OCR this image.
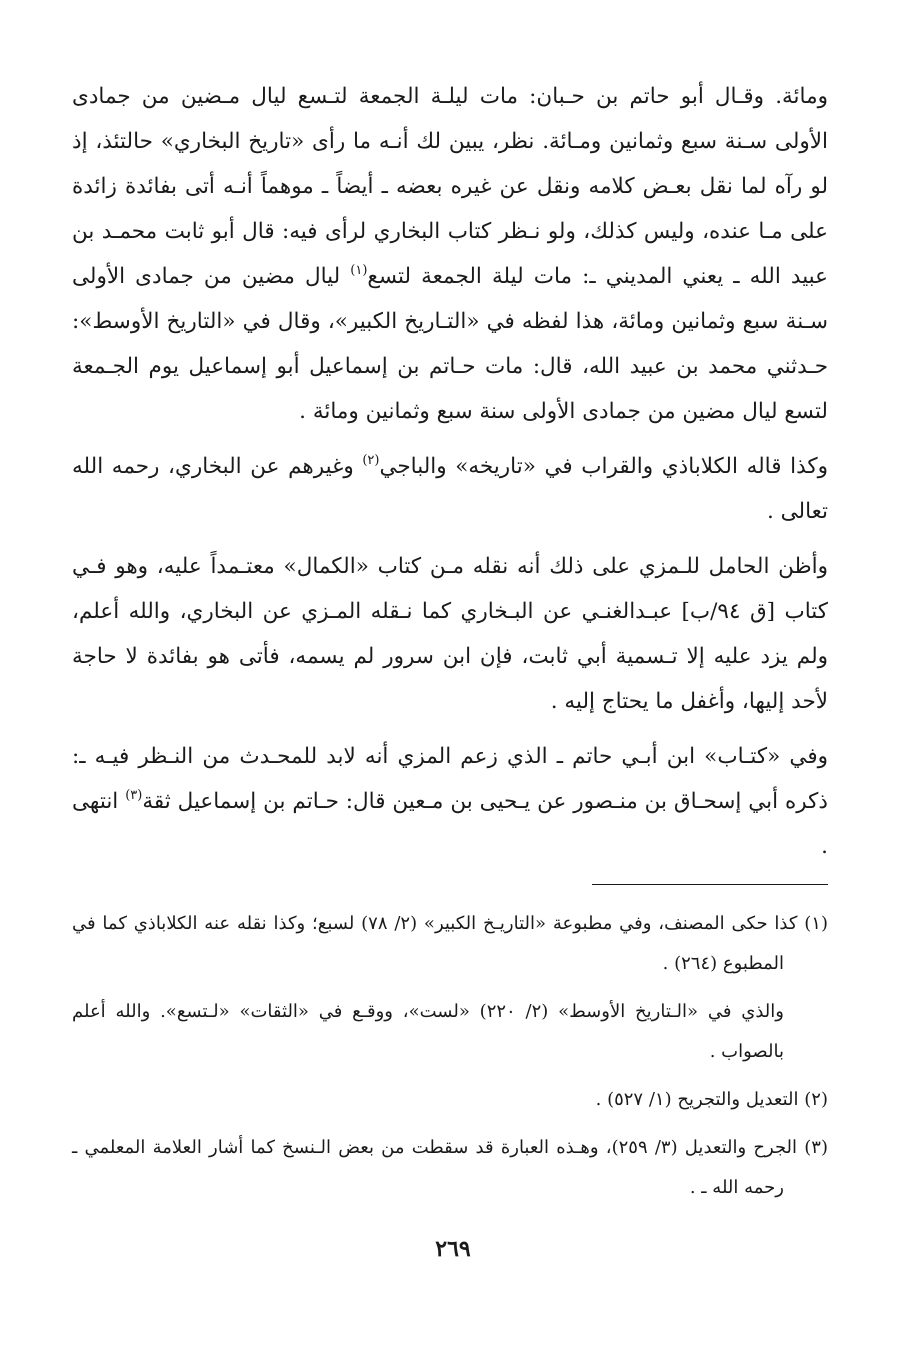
ومائة. وقـال أبو حاتم بن حـبان: مات ليلـة الجمعة لتـسع ليال مـضين من جمادى الأولى سـنة سبع وثمانين ومـائة. نظر، يبين لك أنـه ما رأى «تاريخ البخاري» حالتئذ، إذ لو رآه لما نقل بعـض كلامه ونقل عن غيره بعضه ـ أيضاً ـ موهماً أنـه أتى بفائدة زائدة على مـا عنده، وليس كذلك، ولو نـظر كتاب البخاري لرأى فيه: قال أبو ثابت محمـد بن عبيد الله ـ يعني المديني ـ: مات ليلة الجمعة لتسع$^{(١)}$ ليال مضين من جمادى الأولى سـنة سبع وثمانين ومائة، هذا لفظه في «التـاريخ الكبير»، وقال في «التاريخ الأوسط»: حـدثني محمد بن عبيد الله، قال: مات حـاتم بن إسماعيل أبو إسماعيل يوم الجـمعة لتسع ليال مضين من جمادى الأولى سنة سبع وثمانين ومائة .

وكذا قاله الكلاباذي والقراب في «تاريخه» والباجي$^{(٢)}$ وغيرهم عن البخاري، رحمه الله تعالى .

وأظن الحامل للـمزي على ذلك أنه نقله مـن كتاب «الكمال» معتـمداً عليه، وهو فـي كتاب [ق ٩٤/ب] عبـدالغنـي عن البـخاري كما نـقله المـزي عن البخاري، والله أعلم، ولم يزد عليه إلا تـسمية أبي ثابت، فإن ابن سرور لم يسمه، فأتى هو بفائدة لا حاجة لأحد إليها، وأغفل ما يحتاج إليه .

وفي «كتـاب» ابن أبـي حاتم ـ الذي زعم المزي أنه لابد للمحـدث من النـظر فيـه ـ: ذكره أبي إسحـاق بن منـصور عن يـحيى بن مـعين قال: حـاتم بن إسماعيل ثقة$^{(٣)}$ انتهى .

(١) كذا حكى المصنف، وفي مطبوعة «التاريـخ الكبير» (٢/ ٧٨) لسبع؛ وكذا نقله عنه الكلاباذي كما في المطبوع (٢٦٤) .

والذي في «الـتاريخ الأوسط» (٢/ ٢٢٠) «لست»، ووقـع في «الثقات» «لـتسع». والله أعلم بالصواب .

(٢) التعديل والتجريح (١/ ٥٢٧) .

(٣) الجرح والتعديل (٣/ ٢٥٩)، وهـذه العبارة قد سقطت من بعض الـنسخ كما أشار العلامة المعلمي ـ رحمه الله ـ .

٢٦٩
